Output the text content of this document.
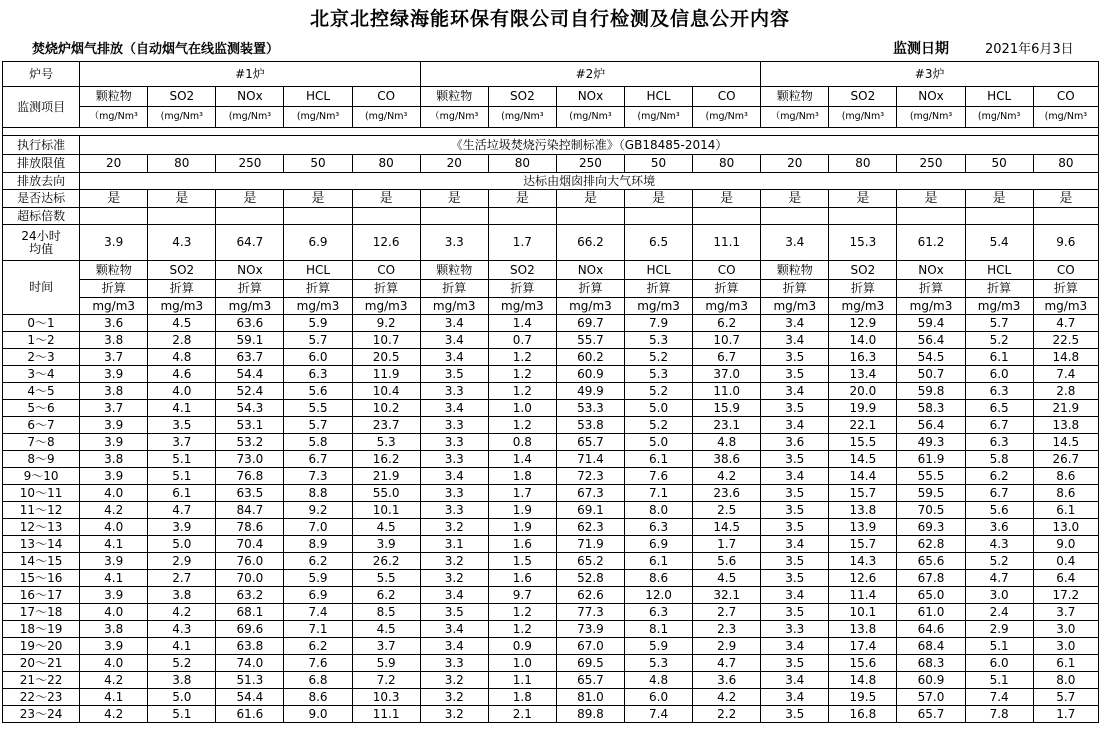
北京北控绿海能环保有限公司自行检测及信息公开内容
焚烧炉烟气排放（自动烟气在线监测装置）	监测日期	2021年6月3日
炉号	#1炉					#2炉					#3炉				
监测项目	颗粒物	SO2	NOx	HCL	CO	颗粒物	SO2	NOx	HCL	CO	颗粒物	SO2	NOx	HCL	CO
	（mg/Nm³	(mg/Nm³	(mg/Nm³	(mg/Nm³	(mg/Nm³	（mg/Nm³	(mg/Nm³	(mg/Nm³	(mg/Nm³	(mg/Nm³	（mg/Nm³	(mg/Nm³	(mg/Nm³	(mg/Nm³	(mg/Nm³

执行标准	《生活垃圾焚烧污染控制标准》（GB18485-2014）														
排放限值	20	80	250	50	80	20	80	250	50	80	20	80	250	50	80
排放去向	达标由烟囱排向大气环境														
是否达标	是	是	是	是	是	是	是	是	是	是	是	是	是	是	是
超标倍数															

24小时
均值	3.9	4.3	64.7	6.9	12.6	3.3	1.7	66.2	6.5	11.1	3.4	15.3	61.2	5.4	9.6
时间	颗粒物	SO2	NOx	HCL	CO	颗粒物	SO2	NOx	HCL	CO	颗粒物	SO2	NOx	HCL	CO
	折算	折算	折算	折算	折算	折算	折算	折算	折算	折算	折算	折算	折算	折算	折算
	mg/m3	mg/m3	mg/m3	mg/m3	mg/m3	mg/m3	mg/m3	mg/m3	mg/m3	mg/m3	mg/m3	mg/m3	mg/m3	mg/m3	mg/m3
0～1	3.6	4.5	63.6	5.9	9.2	3.4	1.4	69.7	7.9	6.2	3.4	12.9	59.4	5.7	4.7
1～2	3.8	2.8	59.1	5.7	10.7	3.4	0.7	55.7	5.3	10.7	3.4	14.0	56.4	5.2	22.5
2～3	3.7	4.8	63.7	6.0	20.5	3.4	1.2	60.2	5.2	6.7	3.5	16.3	54.5	6.1	14.8
3～4	3.9	4.6	54.4	6.3	11.9	3.5	1.2	60.9	5.3	37.0	3.5	13.4	50.7	6.0	7.4
4～5	3.8	4.0	52.4	5.6	10.4	3.3	1.2	49.9	5.2	11.0	3.4	20.0	59.8	6.3	2.8
5～6	3.7	4.1	54.3	5.5	10.2	3.4	1.0	53.3	5.0	15.9	3.5	19.9	58.3	6.5	21.9
6～7	3.9	3.5	53.1	5.7	23.7	3.3	1.2	53.8	5.2	23.1	3.4	22.1	56.4	6.7	13.8
7～8	3.9	3.7	53.2	5.8	5.3	3.3	0.8	65.7	5.0	4.8	3.6	15.5	49.3	6.3	14.5
8～9	3.8	5.1	73.0	6.7	16.2	3.3	1.4	71.4	6.1	38.6	3.5	14.5	61.9	5.8	26.7
9～10	3.9	5.1	76.8	7.3	21.9	3.4	1.8	72.3	7.6	4.2	3.4	14.4	55.5	6.2	8.6
10～11	4.0	6.1	63.5	8.8	55.0	3.3	1.7	67.3	7.1	23.6	3.5	15.7	59.5	6.7	8.6
11～12	4.2	4.7	84.7	9.2	10.1	3.3	1.9	69.1	8.0	2.5	3.5	13.8	70.5	5.6	6.1
12～13	4.0	3.9	78.6	7.0	4.5	3.2	1.9	62.3	6.3	14.5	3.5	13.9	69.3	3.6	13.0
13～14	4.1	5.0	70.4	8.9	3.9	3.1	1.6	71.9	6.9	1.7	3.4	15.7	62.8	4.3	9.0
14～15	3.9	2.9	76.0	6.2	26.2	3.2	1.5	65.2	6.1	5.6	3.5	14.3	65.6	5.2	0.4
15～16	4.1	2.7	70.0	5.9	5.5	3.2	1.6	52.8	8.6	4.5	3.5	12.6	67.8	4.7	6.4
16～17	3.9	3.8	63.2	6.9	6.2	3.4	9.7	62.6	12.0	32.1	3.4	11.4	65.0	3.0	17.2
17～18	4.0	4.2	68.1	7.4	8.5	3.5	1.2	77.3	6.3	2.7	3.5	10.1	61.0	2.4	3.7
18～19	3.8	4.3	69.6	7.1	4.5	3.4	1.2	73.9	8.1	2.3	3.3	13.8	64.6	2.9	3.0
19～20	3.9	4.1	63.8	6.2	3.7	3.4	0.9	67.0	5.9	2.9	3.4	17.4	68.4	5.1	3.0
20～21	4.0	5.2	74.0	7.6	5.9	3.3	1.0	69.5	5.3	4.7	3.5	15.6	68.3	6.0	6.1
21～22	4.2	3.8	51.3	6.8	7.2	3.2	1.1	65.7	4.8	3.6	3.4	14.8	60.9	5.1	8.0
22～23	4.1	5.0	54.4	8.6	10.3	3.2	1.8	81.0	6.0	4.2	3.4	19.5	57.0	7.4	5.7
23～24	4.2	5.1	61.6	9.0	11.1	3.2	2.1	89.8	7.4	2.2	3.5	16.8	65.7	7.8	1.7
